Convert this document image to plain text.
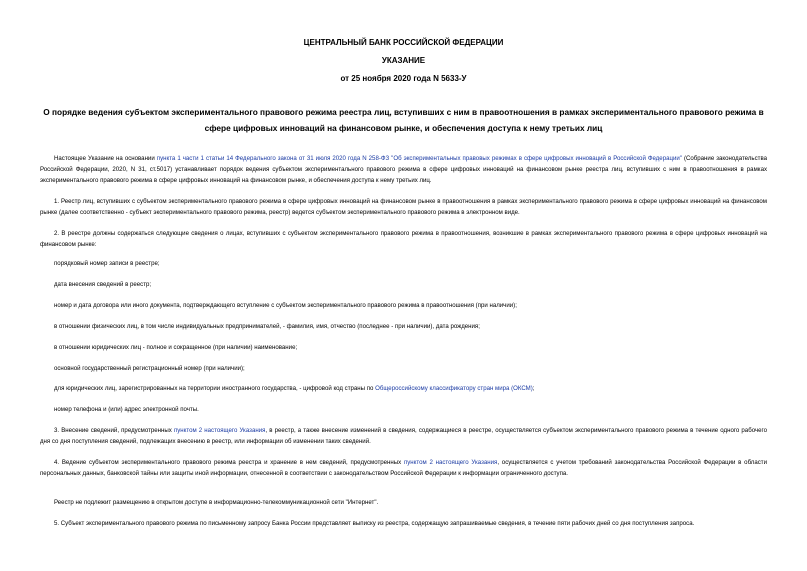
ЦЕНТРАЛЬНЫЙ БАНК РОССИЙСКОЙ ФЕДЕРАЦИИ
УКАЗАНИЕ
от 25 ноября 2020 года N 5633-У
О порядке ведения субъектом экспериментального правового режима реестра лиц, вступивших с ним в правоотношения в рамках экспериментального правового режима в сфере цифровых инноваций на финансовом рынке, и обеспечения доступа к нему третьих лиц
Настоящее Указание на основании пункта 1 части 1 статьи 14 Федерального закона от 31 июля 2020 года N 258-ФЗ "Об экспериментальных правовых режимах в сфере цифровых инноваций в Российской Федерации" (Собрание законодательства Российской Федерации, 2020, N 31, ст.5017) устанавливает порядок ведения субъектом экспериментального правового режима в сфере цифровых инноваций на финансовом рынке реестра лиц, вступивших с ним в правоотношения в рамках экспериментального правового режима в сфере цифровых инноваций на финансовом рынке, и обеспечения доступа к нему третьих лиц.
1. Реестр лиц, вступивших с субъектом экспериментального правового режима в сфере цифровых инноваций на финансовом рынке в правоотношения в рамках экспериментального правового режима в сфере цифровых инноваций на финансовом рынке (далее соответственно - субъект экспериментального правового режима, реестр) ведется субъектом экспериментального правового режима в электронном виде.
2. В реестре должны содержаться следующие сведения о лицах, вступивших с субъектом экспериментального правового режима в правоотношения, возникшие в рамках экспериментального правового режима в сфере цифровых инноваций на финансовом рынке:
порядковый номер записи в реестре;
дата внесения сведений в реестр;
номер и дата договора или иного документа, подтверждающего вступление с субъектом экспериментального правового режима в правоотношения (при наличии);
в отношении физических лиц, в том числе индивидуальных предпринимателей, - фамилия, имя, отчество (последнее - при наличии), дата рождения;
в отношении юридических лиц - полное и сокращенное (при наличии) наименование;
основной государственный регистрационный номер (при наличии);
для юридических лиц, зарегистрированных на территории иностранного государства, - цифровой код страны по Общероссийскому классификатору стран мира (ОКСМ);
номер телефона и (или) адрес электронной почты.
3. Внесение сведений, предусмотренных пунктом 2 настоящего Указания, в реестр, а также внесение изменений в сведения, содержащиеся в реестре, осуществляется субъектом экспериментального правового режима в течение одного рабочего дня со дня поступления сведений, подлежащих внесению в реестр, или информации об изменении таких сведений.
4. Ведение субъектом экспериментального правового режима реестра и хранение в нем сведений, предусмотренных пунктом 2 настоящего Указания, осуществляется с учетом требований законодательства Российской Федерации в области персональных данных, банковской тайны или защиты иной информации, отнесенной в соответствии с законодательством Российской Федерации к информации ограниченного доступа.
Реестр не подлежит размещению в открытом доступе в информационно-телекоммуникационной сети "Интернет".
5. Субъект экспериментального правового режима по письменному запросу Банка России представляет выписку из реестра, содержащую запрашиваемые сведения, в течение пяти рабочих дней со дня поступления запроса.
